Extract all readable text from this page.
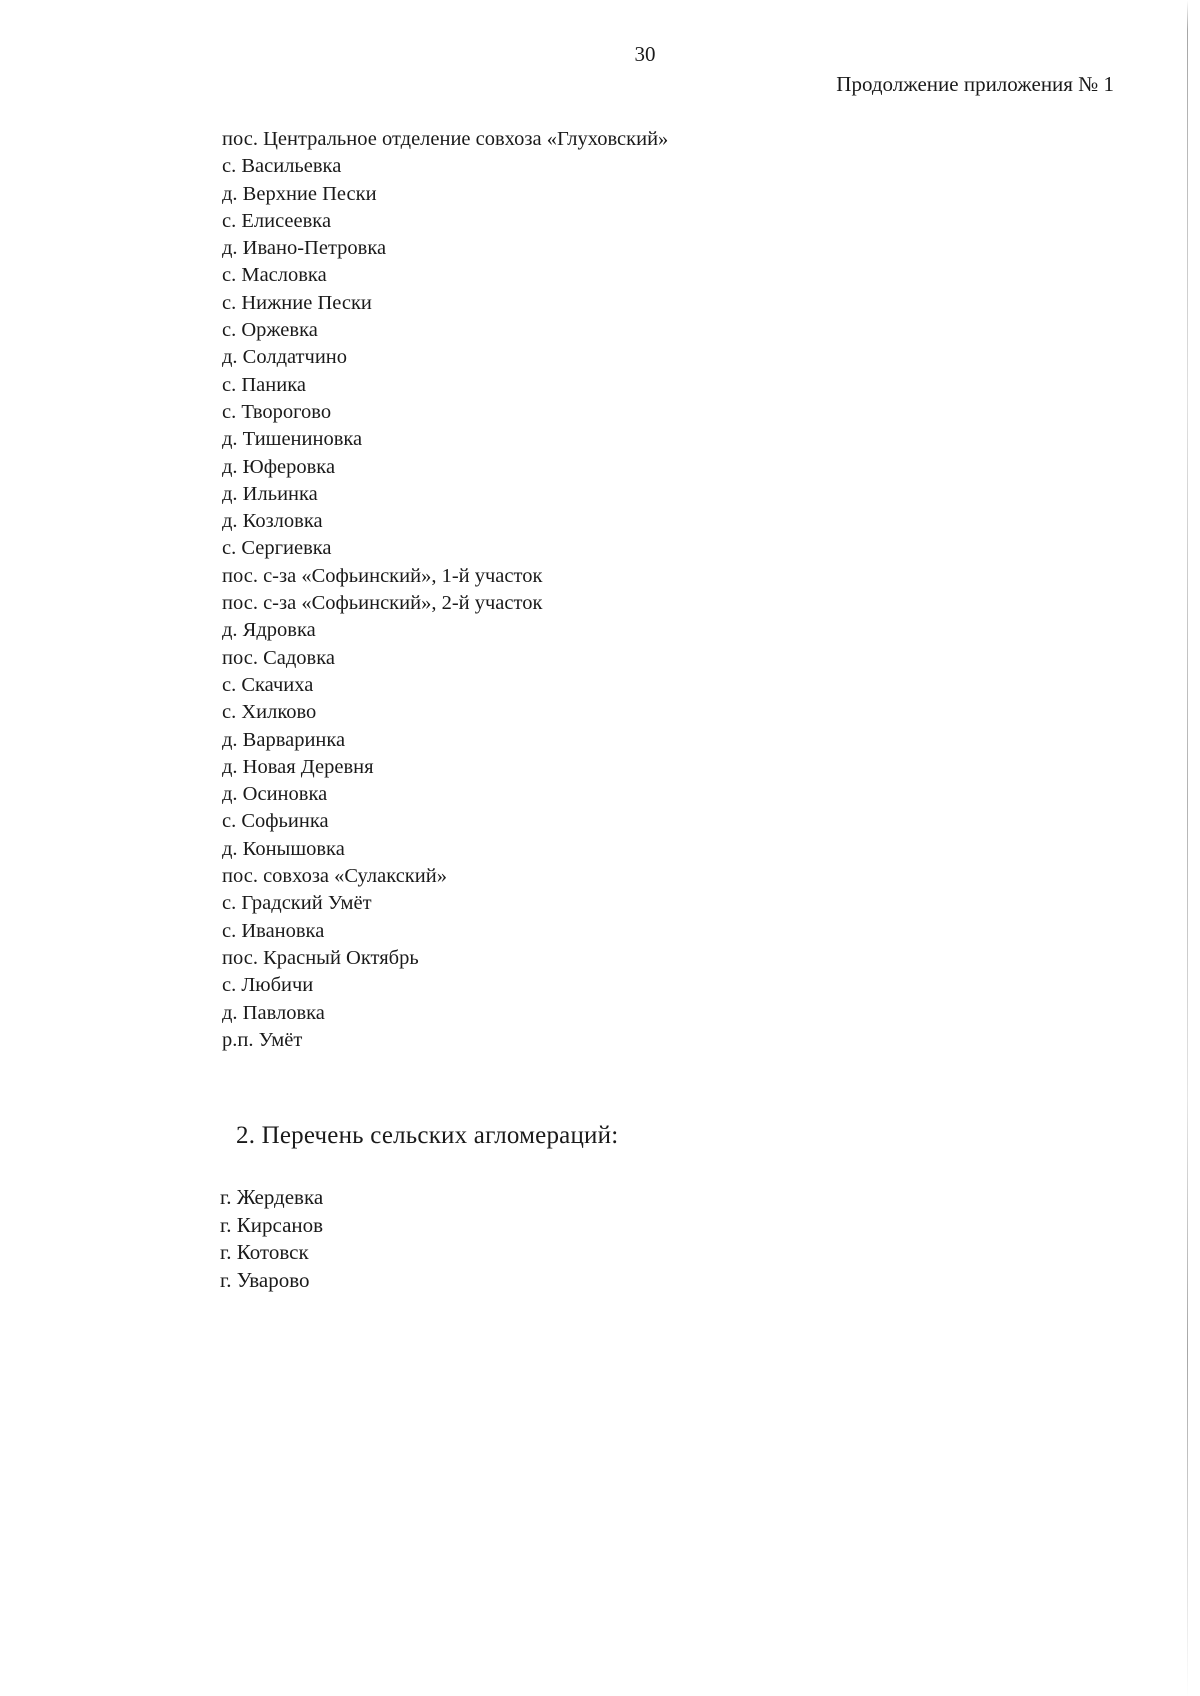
30
Продолжение приложения № 1
пос. Центральное отделение совхоза «Глуховский»
с. Васильевка
д. Верхние Пески
с. Елисеевка
д. Ивано-Петровка
с. Масловка
с. Нижние Пески
с. Оржевка
д. Солдатчино
с. Паника
с. Творогово
д. Тишениновка
д. Юферовка
д. Ильинка
д. Козловка
с. Сергиевка
пос. с-за «Софьинский», 1-й участок
пос. с-за «Софьинский», 2-й участок
д. Ядровка
пос. Садовка
с. Скачиха
с. Хилково
д. Варваринка
д. Новая Деревня
д. Осиновка
с. Софьинка
д. Конышовка
пос. совхоза «Сулакский»
с. Градский Умёт
с. Ивановка
пос. Красный Октябрь
с. Любичи
д. Павловка
р.п. Умёт
2. Перечень сельских агломераций:
г. Жердевка
г. Кирсанов
г. Котовск
г. Уварово
